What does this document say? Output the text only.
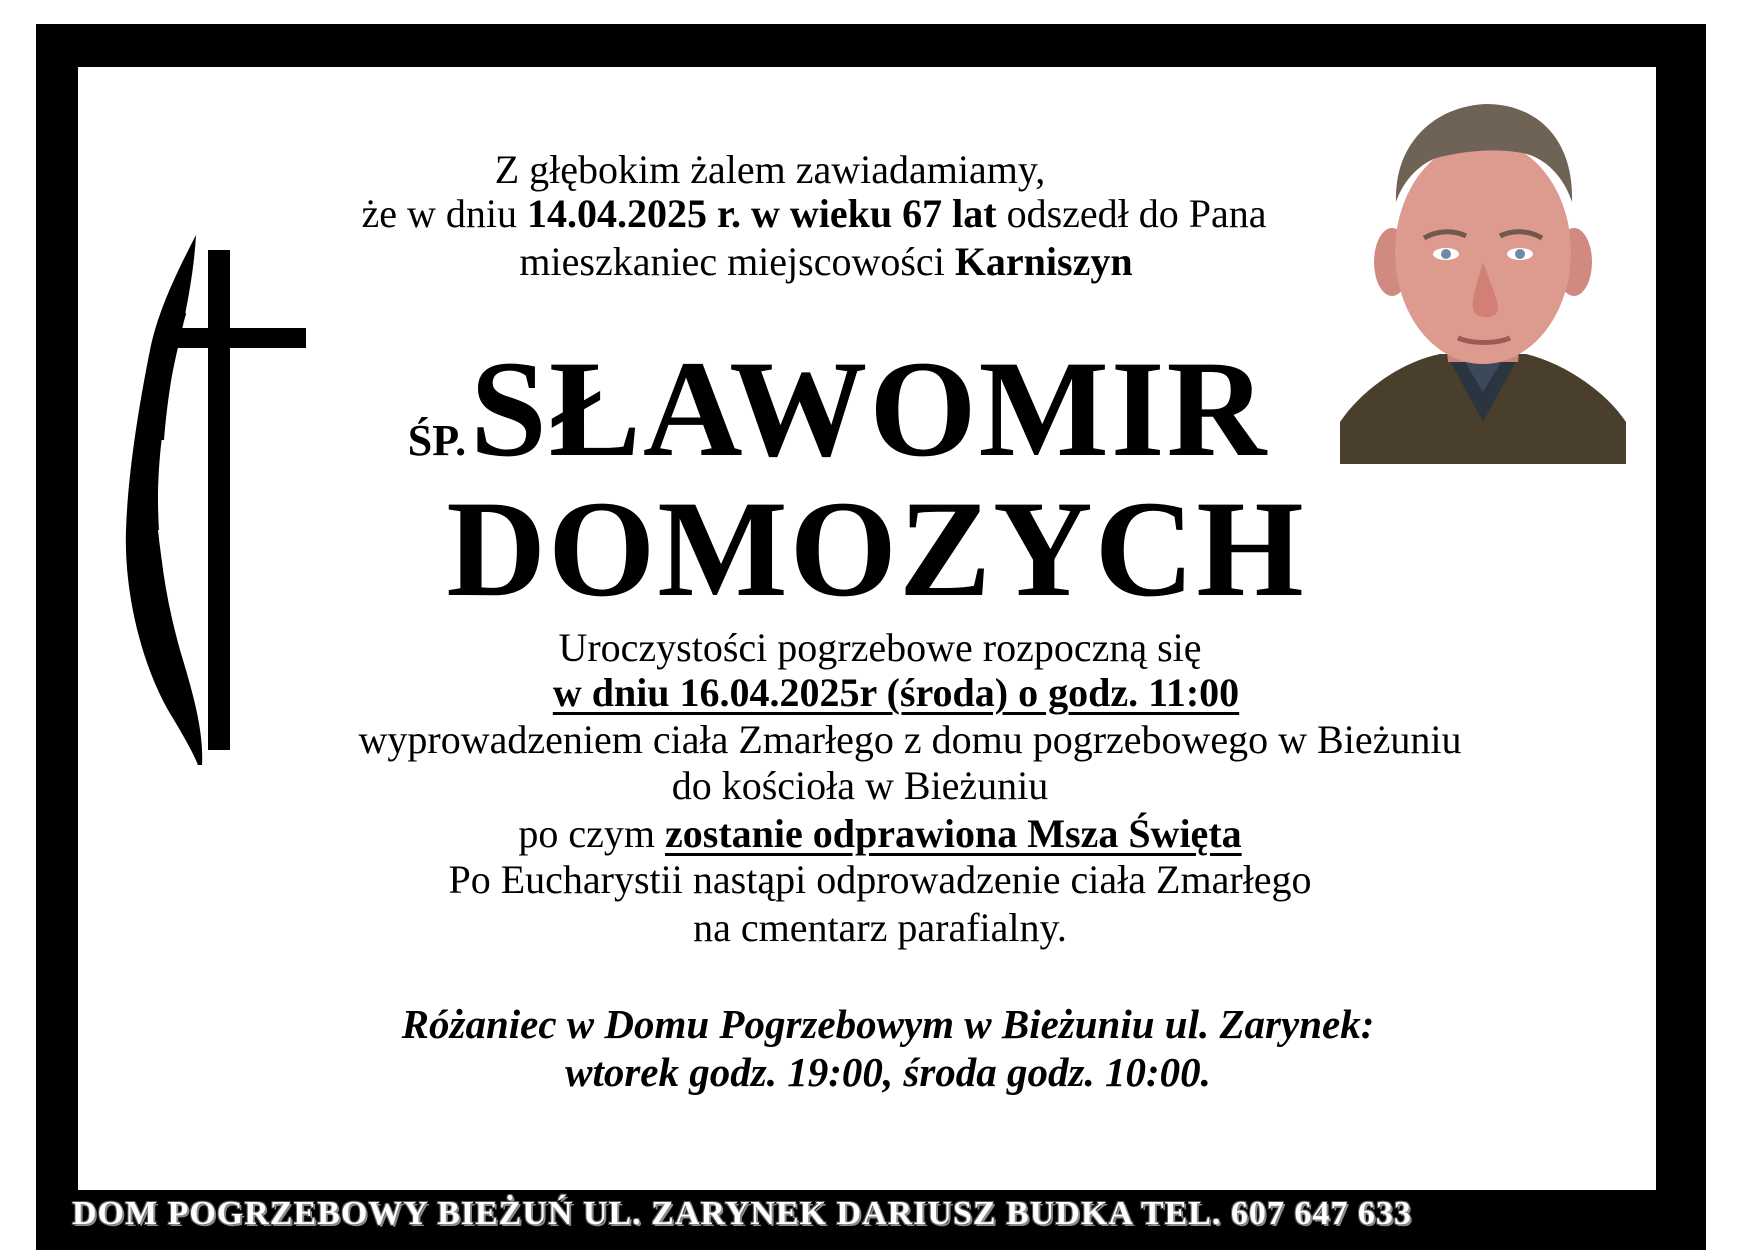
Z głębokim żalem zawiadamiamy,
że w dniu 14.04.2025 r. w wieku 67 lat odszedł do Pana
mieszkaniec miejscowości Karniszyn
ŚP. SŁAWOMIR
DOMOZYCH
Uroczystości pogrzebowe rozpoczną się
w dniu 16.04.2025r (środa) o godz. 11:00
wyprowadzeniem ciała Zmarłego z domu pogrzebowego w Bieżuniu
do kościoła w Bieżuniu
po czym zostanie odprawiona Msza Święta
Po Eucharystii nastąpi odprowadzenie ciała Zmarłego
na cmentarz parafialny.
Różaniec w Domu Pogrzebowym w Bieżuniu ul. Zarynek:
wtorek godz. 19:00, środa godz. 10:00.
DOM POGRZEBOWY BIEŻUŃ UL. ZARYNEK DARIUSZ BUDKA TEL. 607 647 633
